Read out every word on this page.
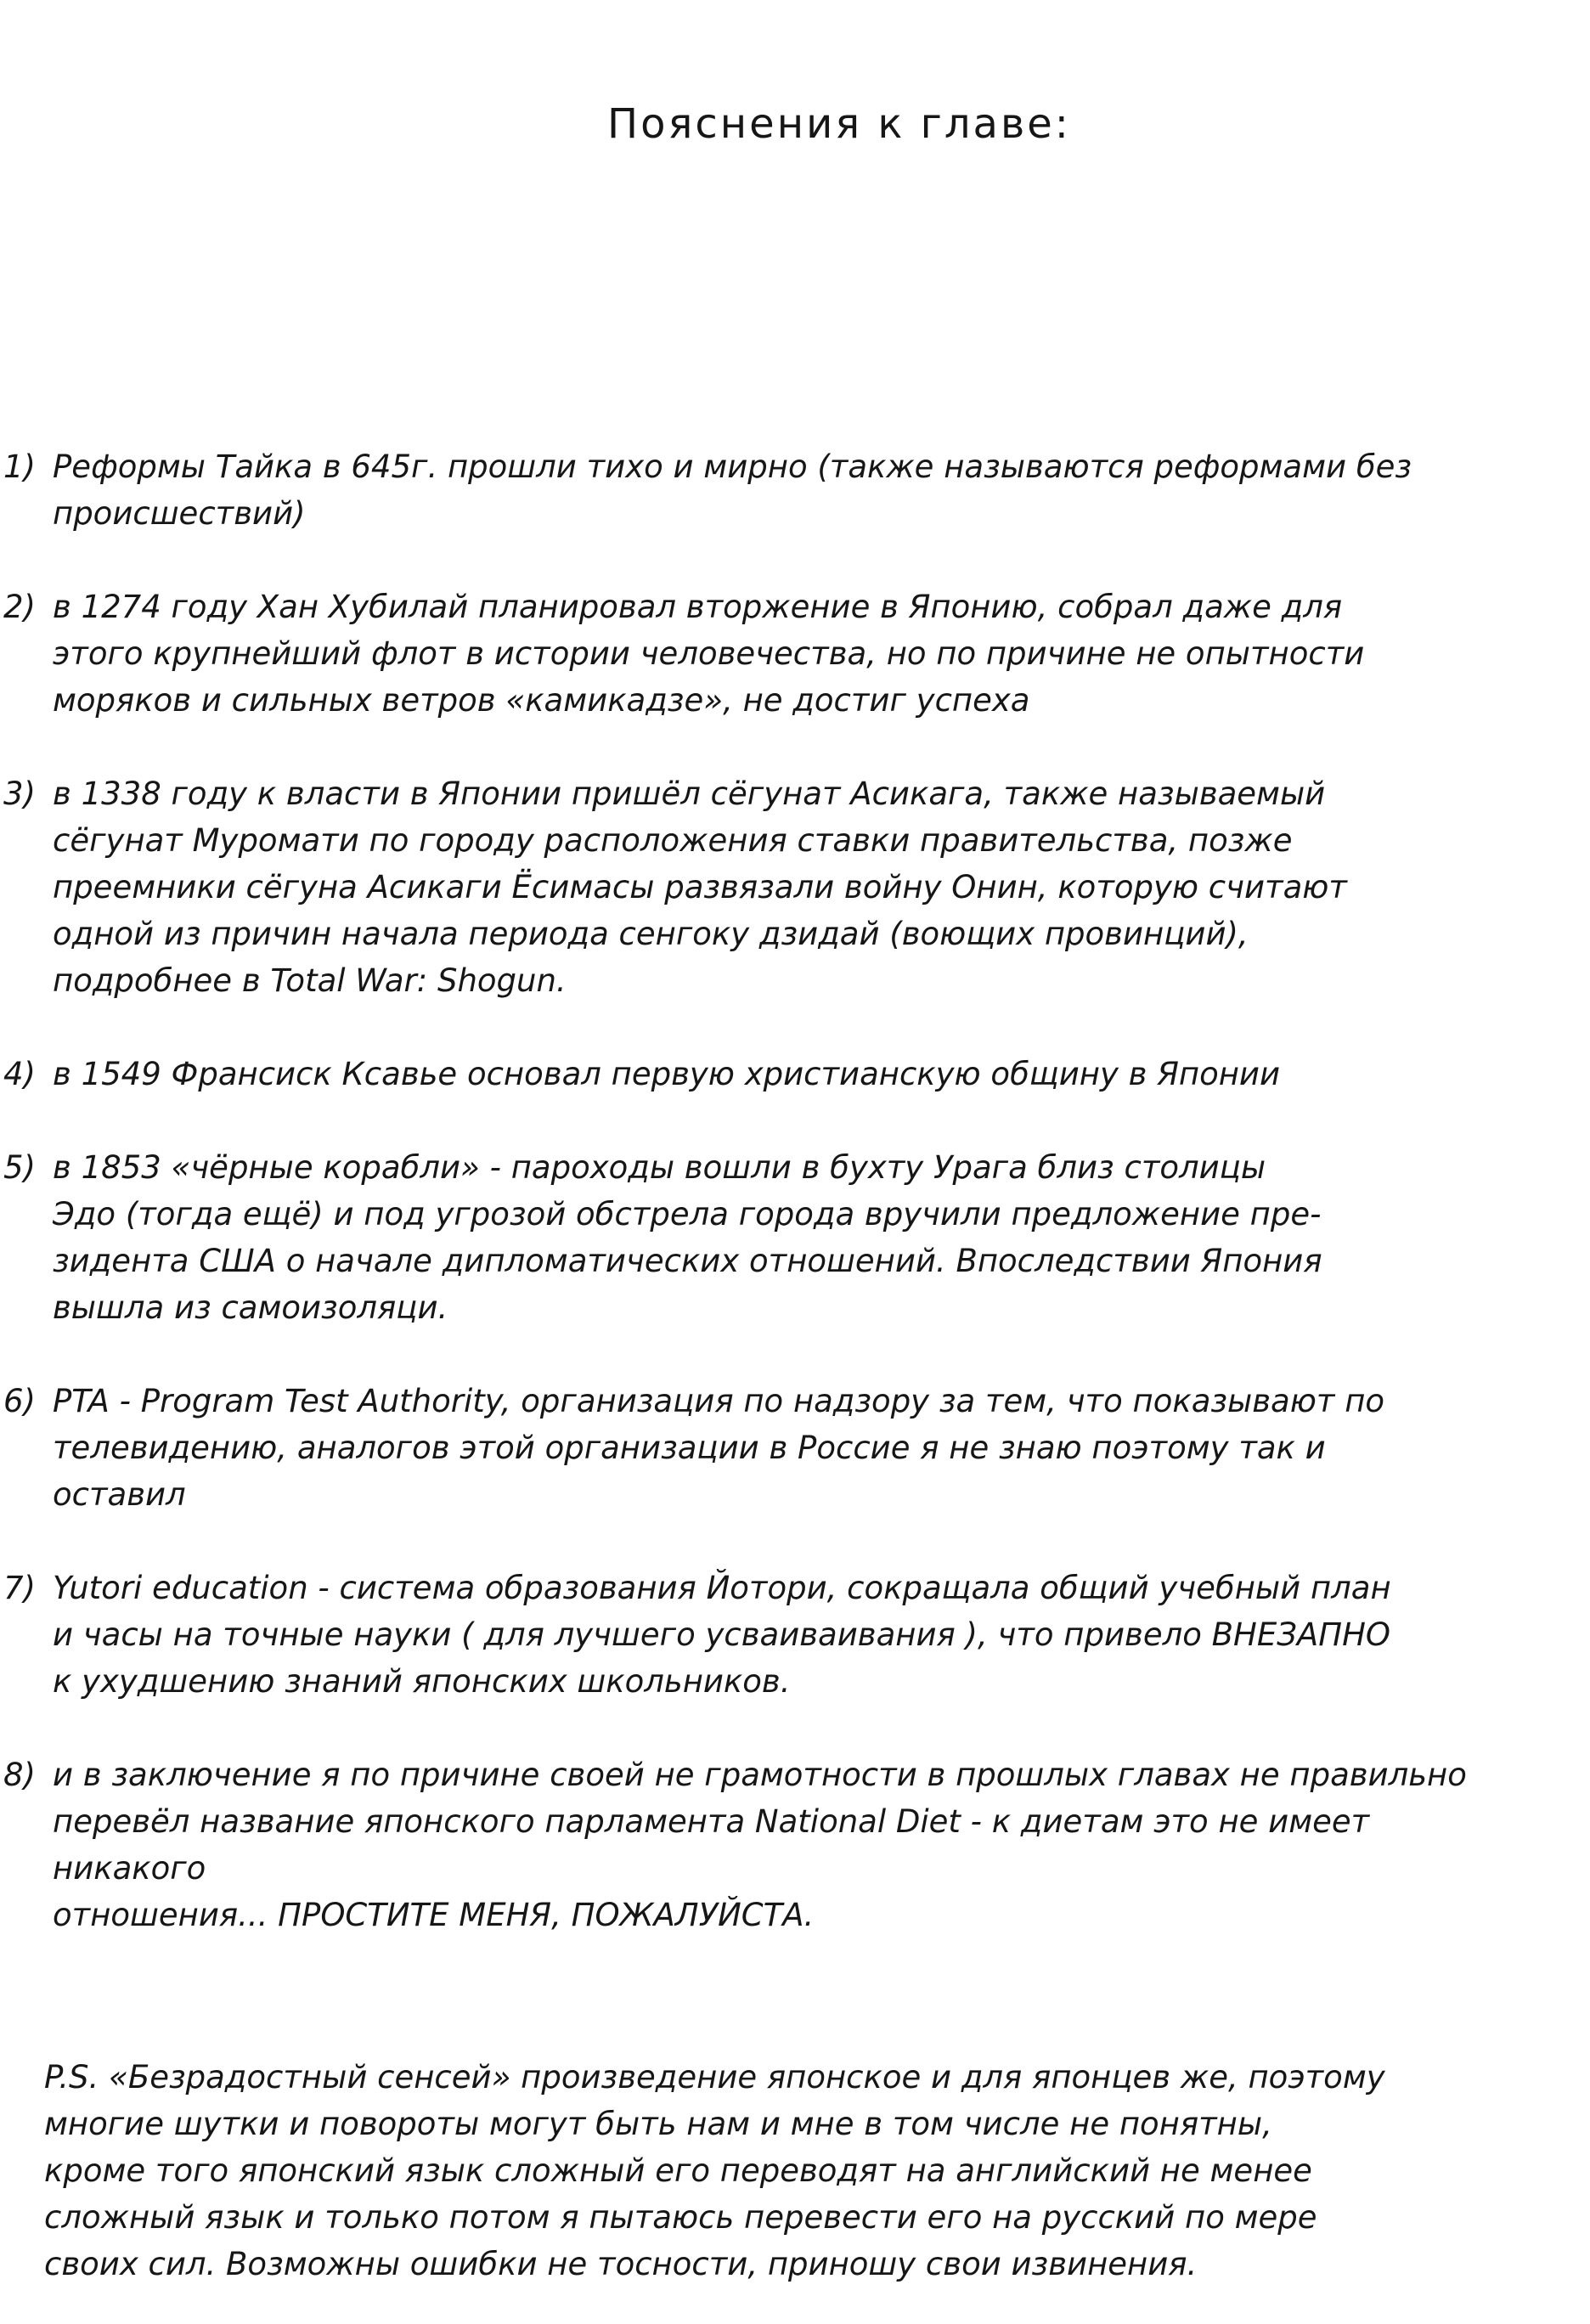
Пояснения к главе:
1) Реформы Тайка в 645г. прошли тихо и мирно (также называются реформами без
происшествий)
2) в 1274 году Хан Хубилай планировал вторжение в Японию, собрал даже для
этого крупнейший флот в истории человечества, но по причине не опытности
моряков и сильных ветров «камикадзе», не достиг успеха
3) в 1338 году к власти в Японии пришёл сёгунат Асикага, также называемый
сёгунат Муромати по городу расположения ставки правительства, позже
преемники сёгуна Асикаги Ёсимасы развязали войну Онин, которую считают
одной из причин начала периода сенгоку дзидай (воющих провинций),
подробнее в Total War: Shogun.
4) в 1549 Франсиск Ксавье основал первую христианскую общину в Японии
5) в 1853 «чёрные корабли» - пароходы вошли в бухту Урага близ столицы
Эдо (тогда ещё) и под угрозой обстрела города вручили предложение пре-
зидента США о начале дипломатических отношений. Впоследствии Япония
вышла из самоизоляци.
6) PTA - Program Test Authority, организация по надзору за тем, что показывают по
телевидению, аналогов этой организации в Россие я не знаю поэтому так и
оставил
7) Yutori education - система образования Йотори, сокращала общий учебный план
и часы на точные науки ( для лучшего усваиваивания ), что привело ВНЕЗАПНО
к ухудшению знаний японских школьников.
8) и в заключение я по причине своей не грамотности в прошлых главах не правильно
перевёл название японского парламента National Diet - к диетам это не имеет
никакого
отношения... ПРОСТИТЕ МЕНЯ, ПОЖАЛУЙСТА.
P.S. «Безрадостный сенсей» произведение японское и для японцев же, поэтому
многие шутки и повороты могут быть нам и мне в том числе не понятны,
кроме того японский язык сложный его переводят на английский не менее
сложный язык и только потом я пытаюсь перевести его на русский по мере
своих сил. Возможны ошибки не тосности, приношу свои извинения.
